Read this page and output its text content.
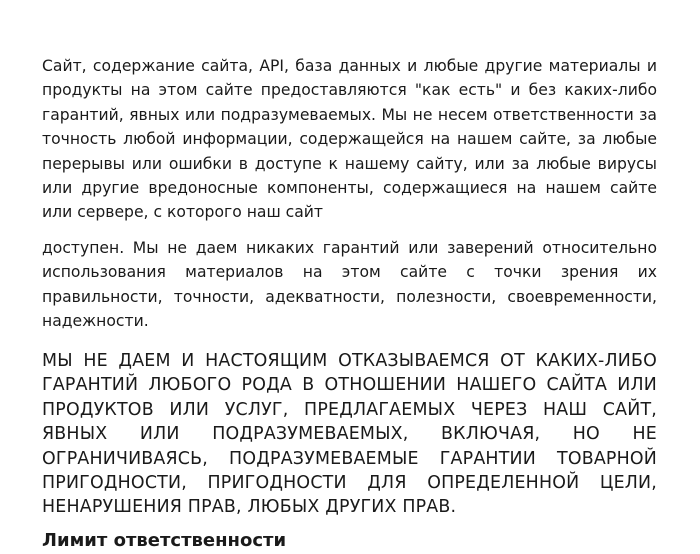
Сайт, содержание сайта, API, база данных и любые другие материалы и продукты на этом сайте предоставляются "как есть" и без каких-либо гарантий, явных или подразумеваемых. Мы не несем ответственности за точность любой информации, содержащейся на нашем сайте, за любые перерывы или ошибки в доступе к нашему сайту, или за любые вирусы или другие вредоносные компоненты, содержащиеся на нашем сайте или сервере, с которого наш сайт

доступен. Мы не даем никаких гарантий или заверений относительно использования материалов на этом сайте с точки зрения их правильности, точности, адекватности, полезности, своевременности, надежности.

МЫ НЕ ДАЕМ И НАСТОЯЩИМ ОТКАЗЫВАЕМСЯ ОТ КАКИХ-ЛИБО ГАРАНТИЙ ЛЮБОГО РОДА В ОТНОШЕНИИ НАШЕГО САЙТА ИЛИ ПРОДУКТОВ ИЛИ УСЛУГ, ПРЕДЛАГАЕМЫХ ЧЕРЕЗ НАШ САЙТ, ЯВНЫХ ИЛИ ПОДРАЗУМЕВАЕМЫХ, ВКЛЮЧАЯ, НО НЕ ОГРАНИЧИВАЯСЬ, ПОДРАЗУМЕВАЕМЫЕ ГАРАНТИИ ТОВАРНОЙ ПРИГОДНОСТИ, ПРИГОДНОСТИ ДЛЯ ОПРЕДЕЛЕННОЙ ЦЕЛИ, НЕНАРУШЕНИЯ ПРАВ, ЛЮБЫХ ДРУГИХ ПРАВ.

Лимит ответственности
